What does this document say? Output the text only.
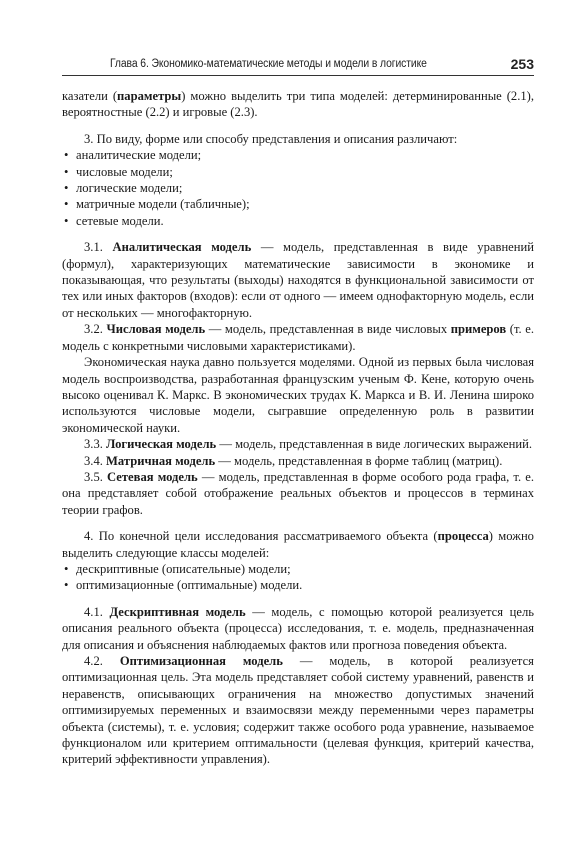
Глава 6. Экономико-математические методы и модели в логистике	253

казатели (параметры) можно выделить три типа моделей: детерминированные (2.1), вероятностные (2.2) и игровые (2.3).

3. По виду, форме или способу представления и описания различают:

• аналитические модели;
• числовые модели;
• логические модели;
• матричные модели (табличные);
• сетевые модели.

3.1. Аналитическая модель — модель, представленная в виде уравнений (формул), характеризующих математические зависимости в экономике и показывающая, что результаты (выходы) находятся в функциональной зависимости от тех или иных факторов (входов): если от одного — имеем однофакторную модель, если от нескольких — многофакторную.

3.2. Числовая модель — модель, представленная в виде числовых примеров (т. е. модель с конкретными числовыми характеристиками).

Экономическая наука давно пользуется моделями. Одной из первых была числовая модель воспроизводства, разработанная французским ученым Ф. Кене, которую очень высоко оценивал К. Маркс. В экономических трудах К. Маркса и В. И. Ленина широко используются числовые модели, сыгравшие определенную роль в развитии экономической науки.

3.3. Логическая модель — модель, представленная в виде логических выражений.

3.4. Матричная модель — модель, представленная в форме таблиц (матриц).

3.5. Сетевая модель — модель, представленная в форме особого рода графа, т. е. она представляет собой отображение реальных объектов и процессов в терминах теории графов.

4. По конечной цели исследования рассматриваемого объекта (процесса) можно выделить следующие классы моделей:

• дескриптивные (описательные) модели;
• оптимизационные (оптимальные) модели.

4.1. Дескриптивная модель — модель, с помощью которой реализуется цель описания реального объекта (процесса) исследования, т. е. модель, предназначенная для описания и объяснения наблюдаемых фактов или прогноза поведения объекта.

4.2. Оптимизационная модель — модель, в которой реализуется оптимизационная цель. Эта модель представляет собой систему уравнений, равенств и неравенств, описывающих ограничения на множество допустимых значений оптимизируемых переменных и взаимосвязи между переменными через параметры объекта (системы), т. е. условия; содержит также особого рода уравнение, называемое функционалом или критерием оптимальности (целевая функция, критерий качества, критерий эффективности управления).
